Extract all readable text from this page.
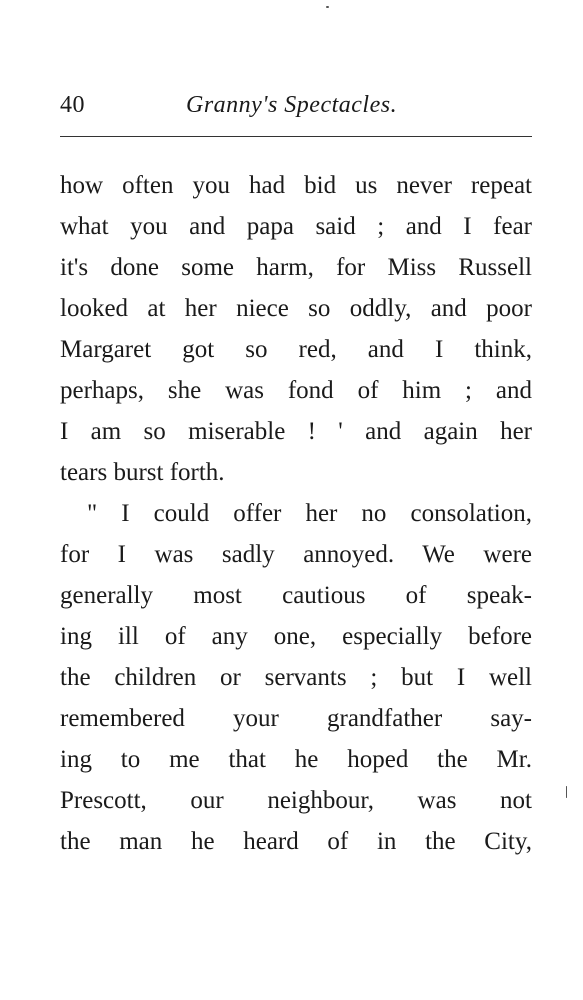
40	Granny's Spectacles.
how often you had bid us never repeat
what you and papa said ; and I fear
it's done some harm, for Miss Russell
looked at her niece so oddly, and poor
Margaret got so red, and I think,
perhaps, she was fond of him ; and
I am so miserable ! ' and again her
tears burst forth.
" I could offer her no consolation,
for I was sadly annoyed. We were
generally most cautious of speak-
ing ill of any one, especially before
the children or servants ; but I well
remembered your grandfather say-
ing to me that he hoped the Mr.
Prescott, our neighbour, was not
the man he heard of in the City,
